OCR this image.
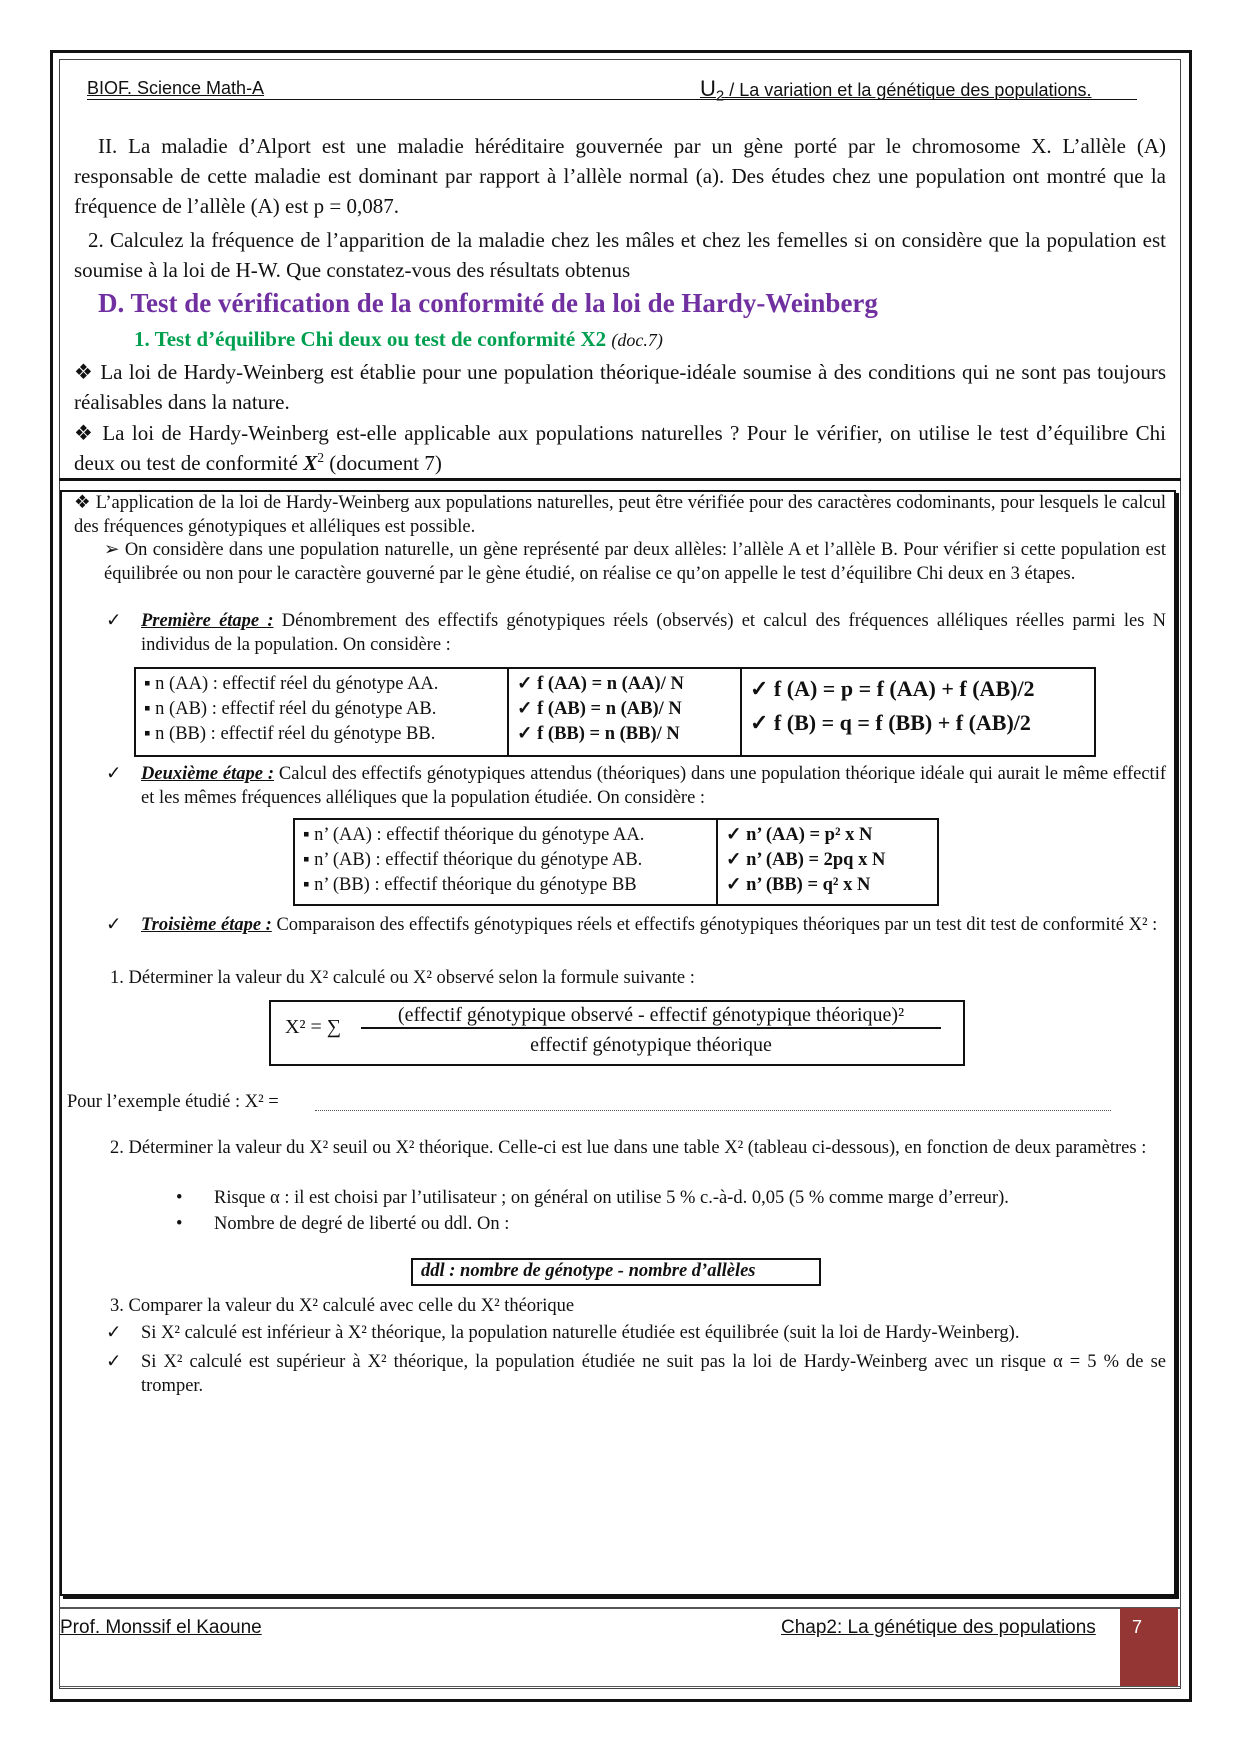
BIOF. Science Math-A	$U_2$ / La variation et la génétique des populations.
II. La maladie d’Alport est une maladie héréditaire gouvernée par un gène porté par le chromosome X. L’allèle (A) responsable de cette maladie est dominant par rapport à l’allèle normal (a). Des études chez une population ont montré que la fréquence de l’allèle (A) est p = 0,087.
2. Calculez la fréquence de l’apparition de la maladie chez les mâles et chez les femelles si on considère que la population est soumise à la loi de H-W. Que constatez-vous des résultats obtenus
D. Test de vérification de la conformité de la loi de Hardy-Weinberg
1. Test d’équilibre Chi deux ou test de conformité X2 (doc.7)
❖ La loi de Hardy-Weinberg est établie pour une population théorique-idéale soumise à des conditions qui ne sont pas toujours réalisables dans la nature.
❖ La loi de Hardy-Weinberg est-elle applicable aux populations naturelles ? Pour le vérifier, on utilise le test d’équilibre Chi deux ou test de conformité $X^2$ (document 7)
❖ L’application de la loi de Hardy-Weinberg aux populations naturelles, peut être vérifiée pour des caractères codominants, pour lesquels le calcul des fréquences génotypiques et alléliques est possible.
➢ On considère dans une population naturelle, un gène représenté par deux allèles: l’allèle A et l’allèle B. Pour vérifier si cette population est équilibrée ou non pour le caractère gouverné par le gène étudié, on réalise ce qu’on appelle le test d’équilibre Chi deux en 3 étapes.
✓ Première étape : Dénombrement des effectifs génotypiques réels (observés) et calcul des fréquences alléliques réelles parmi les N individus de la population. On considère :
▪ n (AA) : effectif réel du génotype AA.
▪ n (AB) : effectif réel du génotype AB.
▪ n (BB) : effectif réel du génotype BB.

✓ f (AA) = n (AA)/ N
✓ f (AB) = n (AB)/ N
✓ f (BB) = n (BB)/ N

✓ f (A) = p = f (AA) + f (AB)/2
✓ f (B) = q = f (BB) + f (AB)/2
✓ Deuxième étape : Calcul des effectifs génotypiques attendus (théoriques) dans une population théorique idéale qui aurait le même effectif et les mêmes fréquences alléliques que la population étudiée. On considère :
▪ n’ (AA) : effectif théorique du génotype AA.
▪ n’ (AB) : effectif théorique du génotype AB.
▪ n’ (BB) : effectif théorique du génotype BB

✓ n’ (AA) = p² x N
✓ n’ (AB) = 2pq x N
✓ n’ (BB) = q² x N
✓ Troisième étape : Comparaison des effectifs génotypiques réels et effectifs génotypiques théoriques par un test dit test de conformité X² :
1. Déterminer la valeur du X² calculé ou X² observé selon la formule suivante :
X² = ∑
(effectif génotypique observé - effectif génotypique théorique)²
effectif génotypique théorique
Pour l’exemple étudié : X² =
2. Déterminer la valeur du X² seuil ou X² théorique. Celle-ci est lue dans une table X² (tableau ci-dessous), en fonction de deux paramètres :
• Risque α : il est choisi par l’utilisateur ; on général on utilise 5 % c.-à-d. 0,05 (5 % comme marge d’erreur).
• Nombre de degré de liberté ou ddl. On :
ddl : nombre de génotype - nombre d’allèles
3. Comparer la valeur du X² calculé avec celle du X² théorique
✓ Si X² calculé est inférieur à X² théorique, la population naturelle étudiée est équilibrée (suit la loi de Hardy-Weinberg).
✓ Si X² calculé est supérieur à X² théorique, la population étudiée ne suit pas la loi de Hardy-Weinberg avec un risque α = 5 % de se tromper.
Prof. Monssif el Kaoune	Chap2: La génétique des populations	7
